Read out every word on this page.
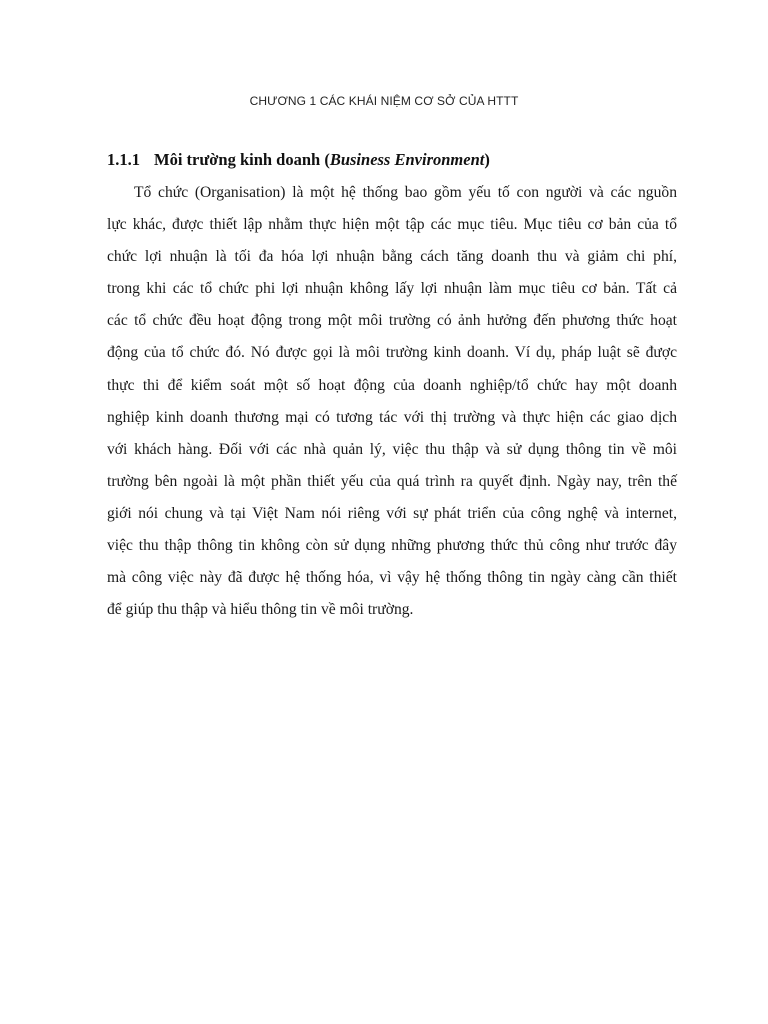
CHƯƠNG 1 CÁC KHÁI NIỆM CƠ SỞ CỦA HTTT
1.1.1 Môi trường kinh doanh (Business Environment)
Tổ chức (Organisation) là một hệ thống bao gồm yếu tố con người và các nguồn
lực khác, được thiết lập nhằm thực hiện một tập các mục tiêu. Mục tiêu cơ bản của tổ
chức lợi nhuận là tối đa hóa lợi nhuận bằng cách tăng doanh thu và giảm chi phí,
trong khi các tổ chức phi lợi nhuận không lấy lợi nhuận làm mục tiêu cơ bản. Tất cả
các tổ chức đều hoạt động trong một môi trường có ảnh hưởng đến phương thức hoạt
động của tổ chức đó. Nó được gọi là môi trường kinh doanh. Ví dụ, pháp luật sẽ được
thực thi để kiểm soát một số hoạt động của doanh nghiệp/tổ chức hay một doanh
nghiệp kinh doanh thương mại có tương tác với thị trường và thực hiện các giao dịch
với khách hàng. Đối với các nhà quản lý, việc thu thập và sử dụng thông tin về môi
trường bên ngoài là một phần thiết yếu của quá trình ra quyết định. Ngày nay, trên thế
giới nói chung và tại Việt Nam nói riêng với sự phát triển của công nghệ và internet,
việc thu thập thông tin không còn sử dụng những phương thức thủ công như trước đây
mà công việc này đã được hệ thống hóa, vì vậy hệ thống thông tin ngày càng cần thiết
để giúp thu thập và hiểu thông tin về môi trường.
